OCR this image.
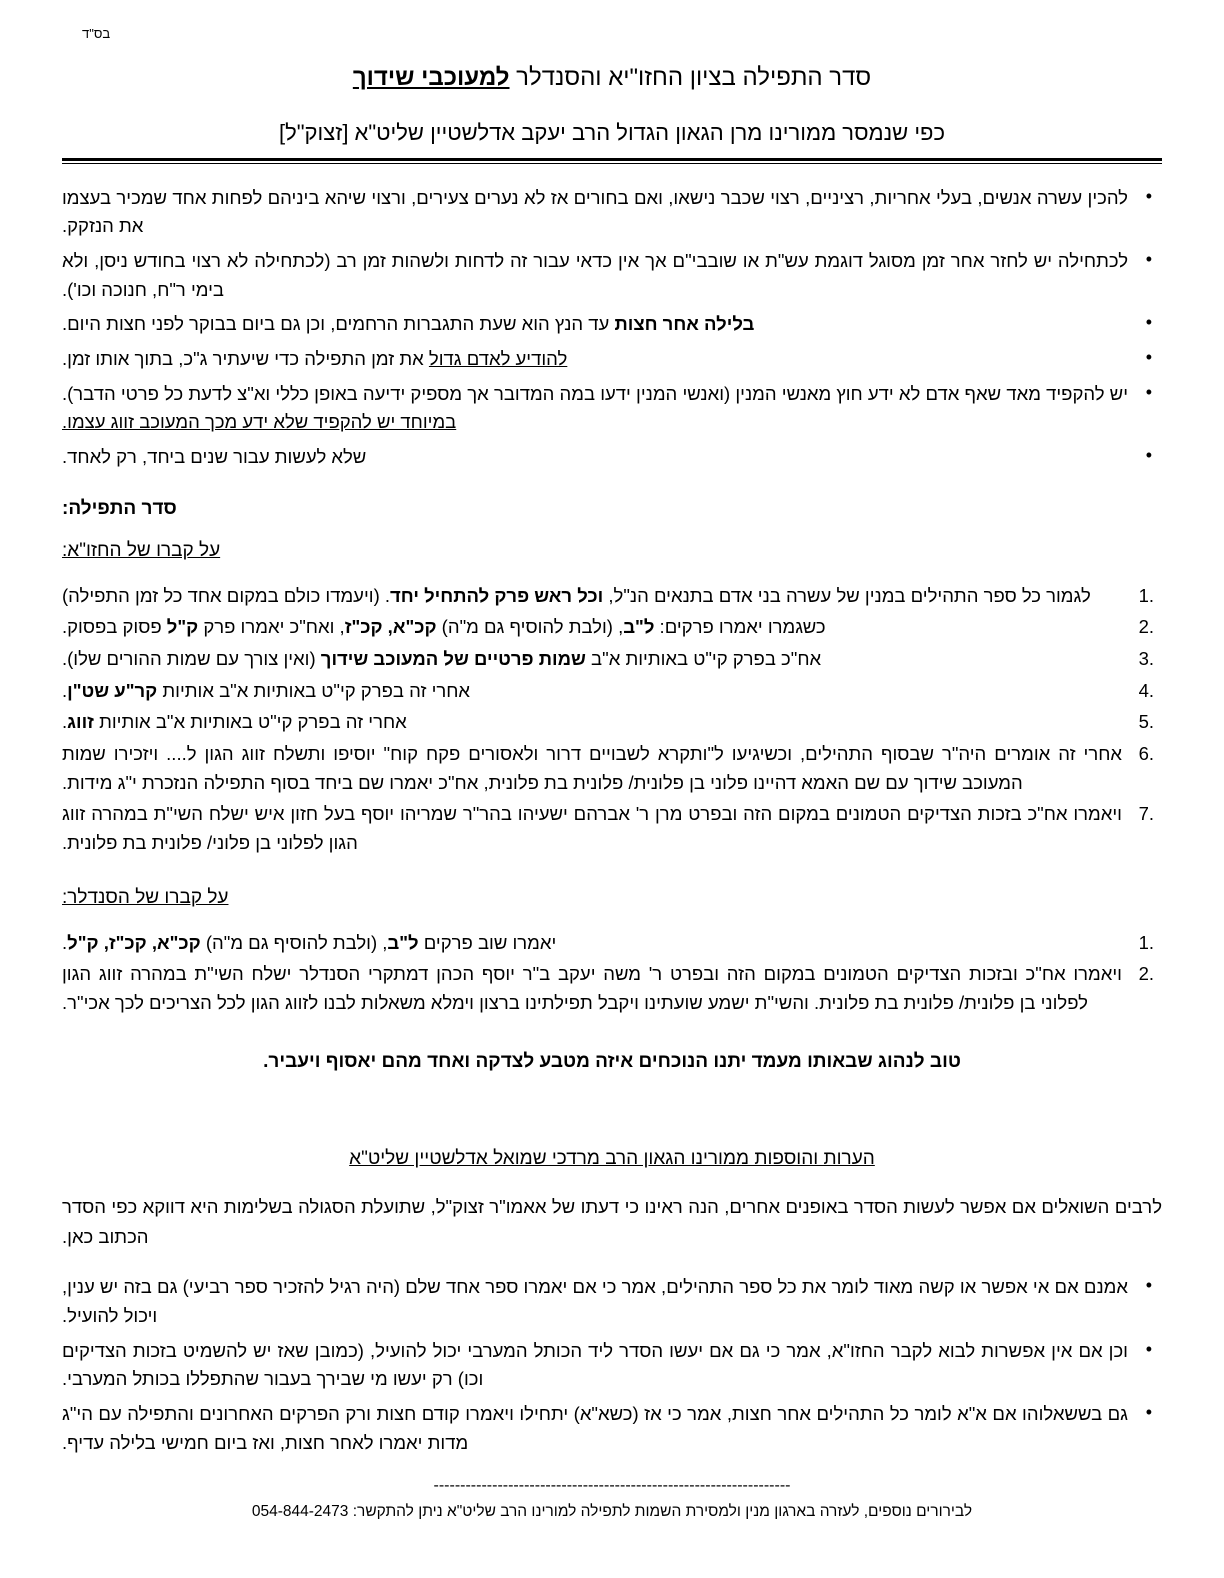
בס"ד
סדר התפילה בציון החזו"יא והסנדלר למעוכבי שידוך
כפי שנמסר ממורינו מרן הגאון הגדול הרב יעקב אדלשטיין שליט"א [זצוק"ל]
• להכין עשרה אנשים, בעלי אחריות, רציניים, רצוי שכבר נישאו, ואם בחורים אז לא נערים צעירים, ורצוי שיהא ביניהם לפחות אחד שמכיר בעצמו את הנזקק.
• לכתחילה יש לחזר אחר זמן מסוגל דוגמת עש"ת או שובבי"ם אך אין כדאי עבור זה לדחות ולשהות זמן רב (לכתחילה לא רצוי בחודש ניסן, ולא בימי ר"ח, חנוכה וכו').
• בלילה אחר חצות עד הנץ הוא שעת התגברות הרחמים, וכן גם ביום בבוקר לפני חצות היום.
• להודיע לאדם גדול את זמן התפילה כדי שיעתיר ג"כ, בתוך אותו זמן.
• יש להקפיד מאד שאף אדם לא ידע חוץ מאנשי המנין (ואנשי המנין ידעו במה המדובר אך מספיק ידיעה באופן כללי וא"צ לדעת כל פרטי הדבר). במיוחד יש להקפיד שלא ידע מכך המעוכב זווג עצמו.
• שלא לעשות עבור שנים ביחד, רק לאחד.
סדר התפילה:
על קברו של החזו"א:
לגמור כל ספר התהילים במנין של עשרה בני אדם בתנאים הנ"ל, וכל ראש פרק להתחיל יחד. (ויעמדו כולם במקום אחד כל זמן התפילה)
כשגמרו יאמרו פרקים: ל"ב, (ולבת להוסיף גם מ"ה) קכ"א, קכ"ז, ואח"כ יאמרו פרק ק"ל פסוק בפסוק.
אח"כ בפרק קי"ט באותיות א"ב שמות פרטיים של המעוכב שידוך (ואין צורך עם שמות ההורים שלו).
אחרי זה בפרק קי"ט באותיות א"ב אותיות קר"ע שט"ן.
אחרי זה בפרק קי"ט באותיות א"ב אותיות זווג.
אחרי זה אומרים היה"ר שבסוף התהילים, וכשיגיעו ל"ותקרא לשבויים דרור ולאסורים פקח קוח" יוסיפו ותשלח זווג הגון ל.... ויזכירו שמות המעוכב שידוך עם שם האמא דהיינו פלוני בן פלונית/ פלונית בת פלונית, אח"כ יאמרו שם ביחד בסוף התפילה הנזכרת י"ג מידות.
ויאמרו אח"כ בזכות הצדיקים הטמונים במקום הזה ובפרט מרן ר' אברהם ישעיהו בהר"ר שמריהו יוסף בעל חזון איש ישלח השי"ת במהרה זווג הגון לפלוני בן פלוני/ פלונית בת פלונית.
על קברו של הסנדלר:
יאמרו שוב פרקים ל"ב, (ולבת להוסיף גם מ"ה) קכ"א, קכ"ז, ק"ל.
ויאמרו אח"כ ובזכות הצדיקים הטמונים במקום הזה ובפרט ר' משה יעקב ב"ר יוסף הכהן דמתקרי הסנדלר ישלח השי"ת במהרה זווג הגון לפלוני בן פלונית/ פלונית בת פלונית. והשי"ת ישמע שועתינו ויקבל תפילתינו ברצון וימלא משאלות לבנו לזווג הגון לכל הצריכים לכך אכי"ר.
טוב לנהוג שבאותו מעמד יתנו הנוכחים איזה מטבע לצדקה ואחד מהם יאסוף ויעביר.
הערות והוספות ממורינו הגאון הרב מרדכי שמואל אדלשטיין שליט"א
לרבים השואלים אם אפשר לעשות הסדר באופנים אחרים, הנה ראינו כי דעתו של אאמו"ר זצוק"ל, שתועלת הסגולה בשלימות היא דווקא כפי הסדר הכתוב כאן.
• אמנם אם אי אפשר או קשה מאוד לומר את כל ספר התהילים, אמר כי אם יאמרו ספר אחד שלם (היה רגיל להזכיר ספר רביעי) גם בזה יש ענין, ויכול להועיל.
• וכן אם אין אפשרות לבוא לקבר החזו"א, אמר כי גם אם יעשו הסדר ליד הכותל המערבי יכול להועיל, (כמובן שאז יש להשמיט בזכות הצדיקים וכו) רק יעשו מי שבירך בעבור שהתפללו בכותל המערבי.
• גם בששאלוהו אם א"א לומר כל התהילים אחר חצות, אמר כי אז (כשא"א) יתחילו ויאמרו קודם חצות ורק הפרקים האחרונים והתפילה עם הי"ג מדות יאמרו לאחר חצות, ואז ביום חמישי בלילה עדיף.
-------------------------------------------------------------------
לבירורים נוספים, לעזרה בארגון מנין ולמסירת השמות לתפילה למורינו הרב שליט"א ניתן להתקשר: 054-844-2473
